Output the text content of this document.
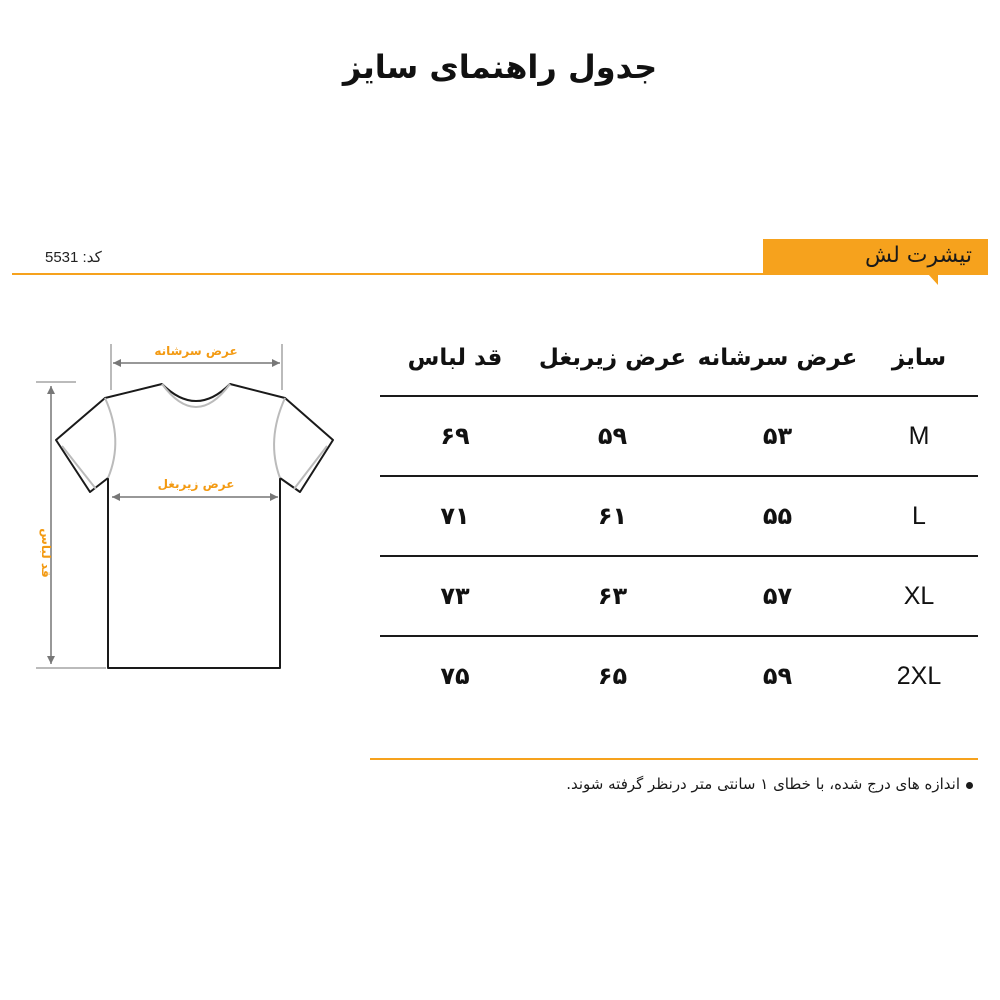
جدول راهنمای سایز
5531 کد:	تیشرت لش
عرض سرشانه
عرض زیربغل
قد لباس
سایز	عرض سرشانه	عرض زیربغل	قد لباس
M	۵۳	۵۹	۶۹
L	۵۵	۶۱	۷۱
XL	۵۷	۶۳	۷۳
2XL	۵۹	۶۵	۷۵
اندازه های درج شده، با خطای ۱ سانتی متر درنظر گرفته شوند.
